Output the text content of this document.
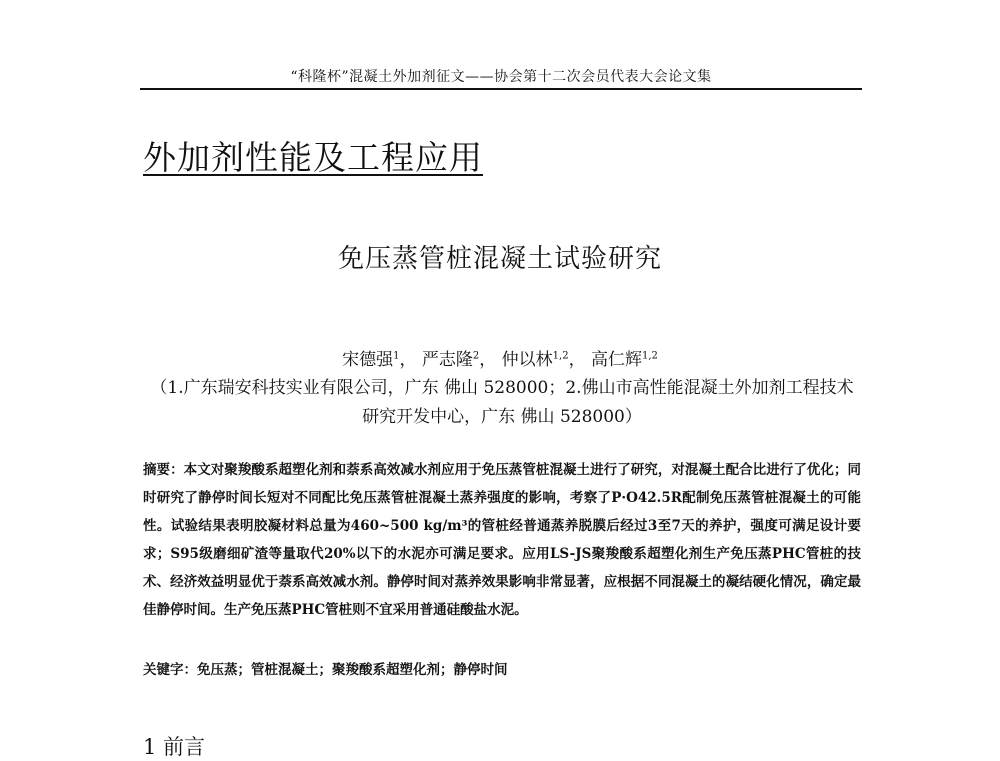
“科隆杯”混凝土外加剂征文——协会第十二次会员代表大会论文集
外加剂性能及工程应用
免压蒸管桩混凝土试验研究
宋德强$^1$， 严志隆$^2$， 仲以林$^{1,2}$， 高仁辉$^{1,2}$
（1.广东瑞安科技实业有限公司，广东 佛山 528000；2.佛山市高性能混凝土外加剂工程技术研究开发中心，广东 佛山 528000）
摘要：本文对聚羧酸系超塑化剂和萘系高效减水剂应用于免压蒸管桩混凝土进行了研究，对混凝土配合比进行了优化；同时研究了静停时间长短对不同配比免压蒸管桩混凝土蒸养强度的影响，考察了P·O42.5R配制免压蒸管桩混凝土的可能性。试验结果表明胶凝材料总量为460~500 kg/m³的管桩经普通蒸养脱膜后经过3至7天的养护，强度可满足设计要求；S95级磨细矿渣等量取代20%以下的水泥亦可满足要求。应用LS-JS聚羧酸系超塑化剂生产免压蒸PHC管桩的技术、经济效益明显优于萘系高效减水剂。静停时间对蒸养效果影响非常显著，应根据不同混凝土的凝结硬化情况，确定最佳静停时间。生产免压蒸PHC管桩则不宜采用普通硅酸盐水泥。
关键字：免压蒸；管桩混凝土；聚羧酸系超塑化剂；静停时间
1 前言
